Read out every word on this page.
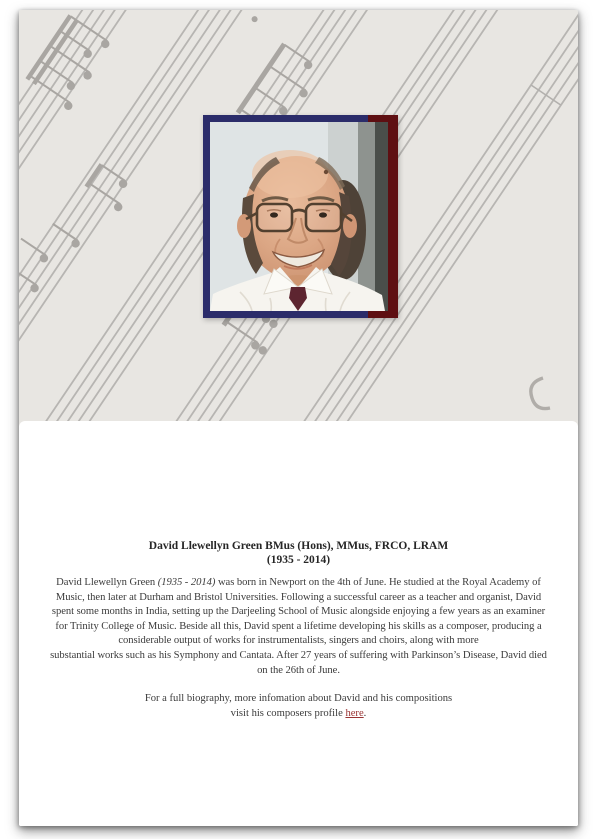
David Llewellyn Green BMus (Hons), MMus, FRCO, LRAM
(1935 - 2014)
David Llewellyn Green (1935 - 2014) was born in Newport on the 4th of June. He studied at the Royal Academy of
Music, then later at Durham and Bristol Universities. Following a successful career as a teacher and organist, David
spent some months in India, setting up the Darjeeling School of Music alongside enjoying a few years as an examiner
for Trinity College of Music. Beside all this, David spent a lifetime developing his skills as a composer, producing a
considerable output of works for instrumentalists, singers and choirs, along with more
substantial works such as his Symphony and Cantata. After 27 years of suffering with Parkinson’s Disease, David died
on the 26th of June.
For a full biography, more infomation about David and his compositions
visit his composers profile here .
